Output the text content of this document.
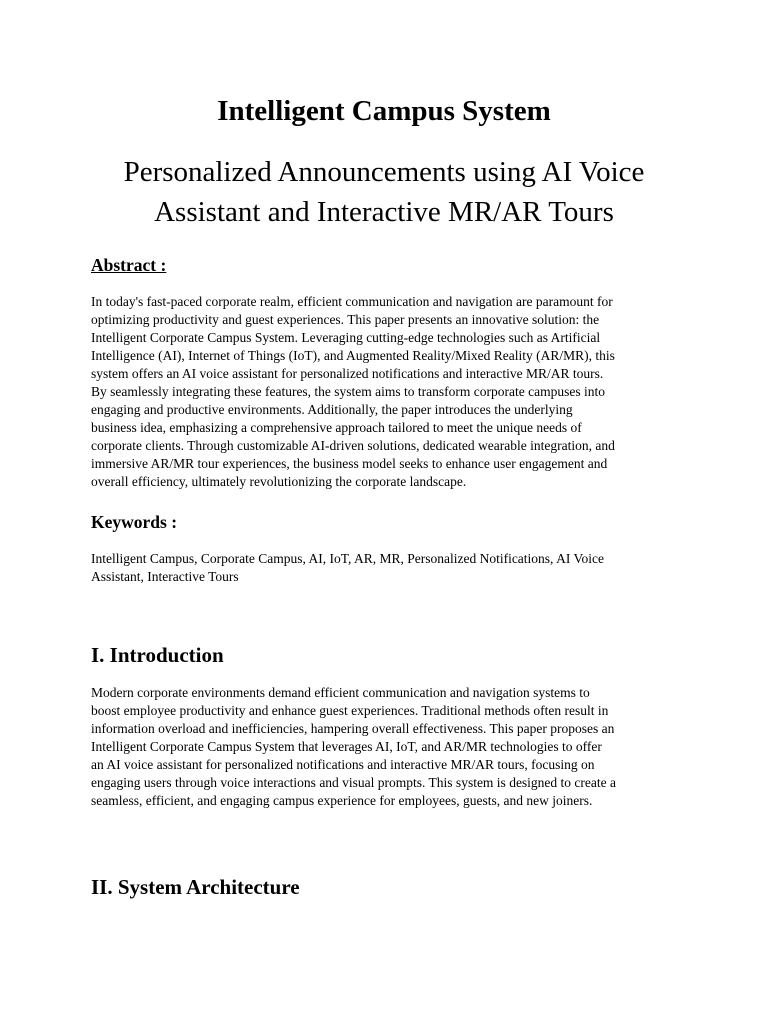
Intelligent Campus System
Personalized Announcements using AI Voice
Assistant and Interactive MR/AR Tours
Abstract :
In today's fast-paced corporate realm, efficient communication and navigation are paramount for
optimizing productivity and guest experiences. This paper presents an innovative solution: the
Intelligent Corporate Campus System. Leveraging cutting-edge technologies such as Artificial
Intelligence (AI), Internet of Things (IoT), and Augmented Reality/Mixed Reality (AR/MR), this
system offers an AI voice assistant for personalized notifications and interactive MR/AR tours.
By seamlessly integrating these features, the system aims to transform corporate campuses into
engaging and productive environments. Additionally, the paper introduces the underlying
business idea, emphasizing a comprehensive approach tailored to meet the unique needs of
corporate clients. Through customizable AI-driven solutions, dedicated wearable integration, and
immersive AR/MR tour experiences, the business model seeks to enhance user engagement and
overall efficiency, ultimately revolutionizing the corporate landscape.
Keywords :
Intelligent Campus, Corporate Campus, AI, IoT, AR, MR, Personalized Notifications, AI Voice
Assistant, Interactive Tours
I. Introduction
Modern corporate environments demand efficient communication and navigation systems to
boost employee productivity and enhance guest experiences. Traditional methods often result in
information overload and inefficiencies, hampering overall effectiveness. This paper proposes an
Intelligent Corporate Campus System that leverages AI, IoT, and AR/MR technologies to offer
an AI voice assistant for personalized notifications and interactive MR/AR tours, focusing on
engaging users through voice interactions and visual prompts. This system is designed to create a
seamless, efficient, and engaging campus experience for employees, guests, and new joiners.
II. System Architecture
